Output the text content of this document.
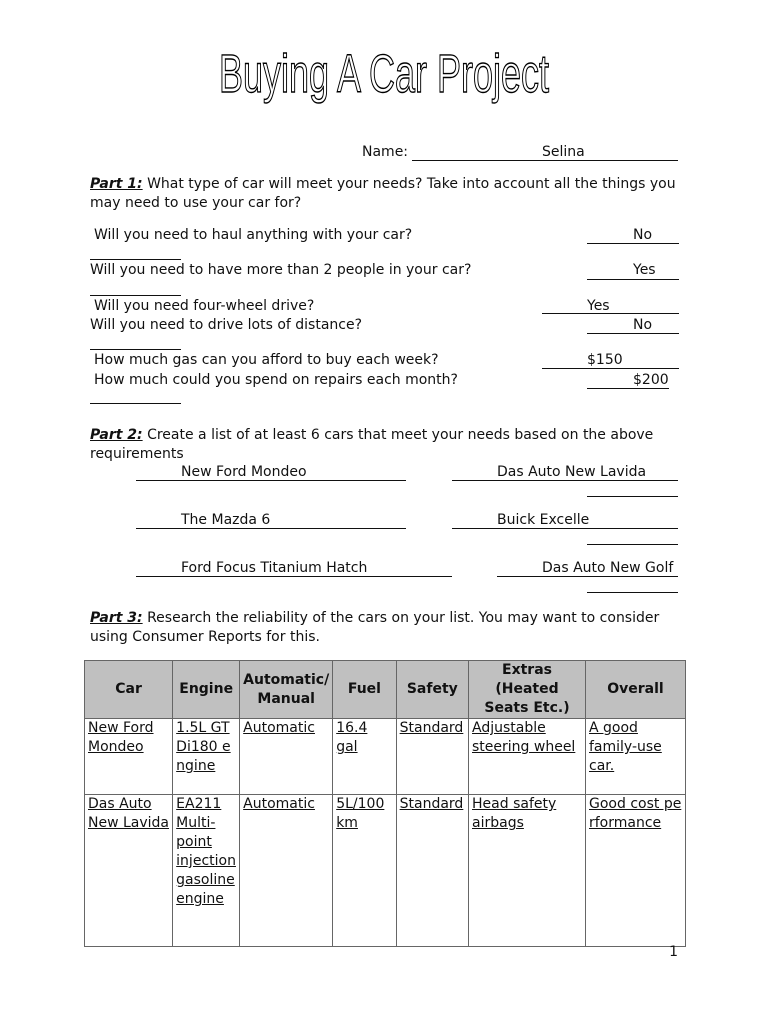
Buying A Car Project
Name:	Selina
Part 1: What type of car will meet your needs? Take into account all the things you may need to use your car for?
Will you need to haul anything with your car?	No
Will you need to have more than 2 people in your car?	Yes
Will you need four-wheel drive?	Yes
Will you need to drive lots of distance?	No
How much gas can you afford to buy each week?	$150
How much could you spend on repairs each month?	$200
Part 2: Create a list of at least 6 cars that meet your needs based on the above requirements
New Ford Mondeo	Das Auto New Lavida
The Mazda 6	Buick Excelle
Ford Focus Titanium Hatch	Das Auto New Golf
Part 3: Research the reliability of the cars on your list. You may want to consider using Consumer Reports for this.
Car	Engine	Automatic/ Manual	Fuel	Safety	Extras (Heated Seats Etc.)	Overall
New Ford Mondeo	1.5L GTDi180 engine	Automatic	16.4 gal	Standard	Adjustable steering wheel	A good family-use car.
Das Auto New Lavida	EA211 Multi-point injection gasoline engine	Automatic	5L/100 km	Standard	Head safety airbags	Good cost performance
1
